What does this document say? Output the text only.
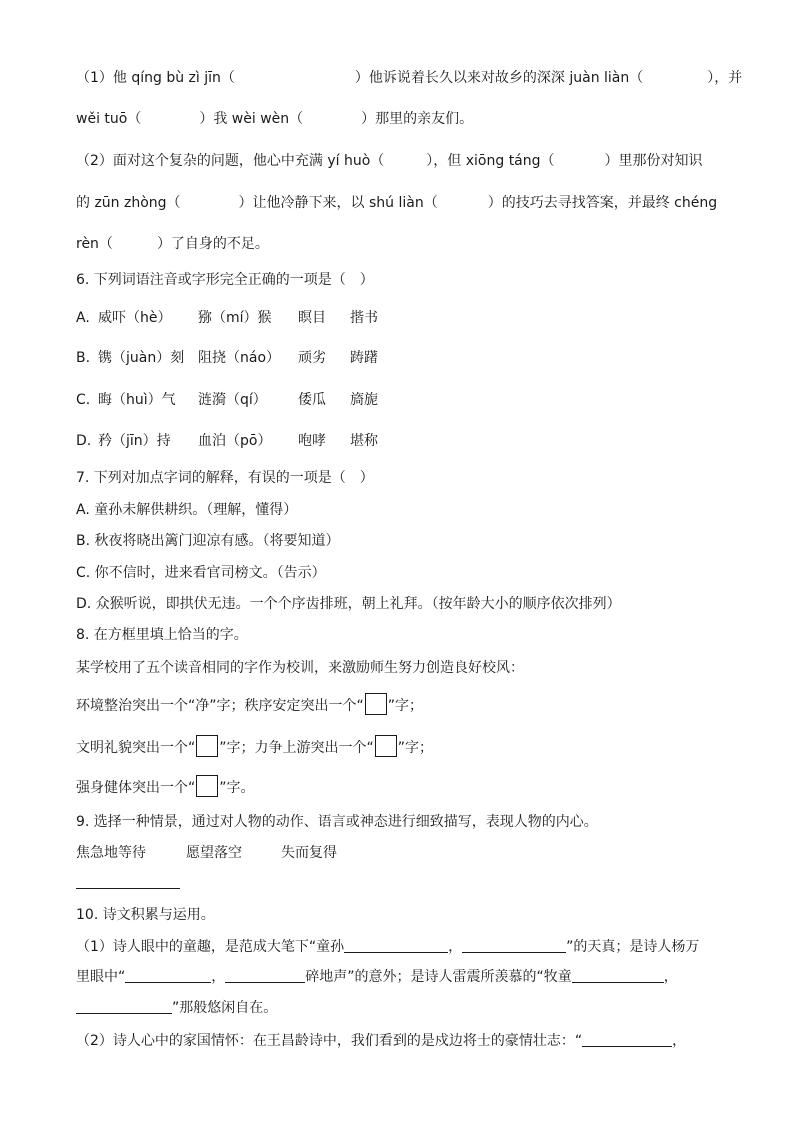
（1）他 qíng bù zì jīn（	）他诉说着长久以来对故乡的深深 juàn liàn（	），并
wěi tuō（	）我 wèi wèn（	）那里的亲友们。
（2）面对这个复杂的问题，他心中充满 yí huò（	），但 xiōng táng（	）里那份对知识
的 zūn zhòng（	）让他冷静下来，以 shú liàn（	）的技巧去寻找答案，并最终 chéng
rèn（	）了自身的不足。
6. 下列词语注音或字形完全正确的一项是（　）
A. 威吓（hè） 猕（mí）猴 瞑目 揩书
B. 镌（juàn）刻 阻挠（náo） 顽劣 踌躇
C. 晦（huì）气 涟漪（qí） 倭瓜 旖旎
D. 矜（jīn）持 血泊（pō） 咆哮 堪称
7. 下列对加点字词的解释，有误的一项是（　）
A. 童孙未解供耕织。（理解，懂得）
B. 秋夜将晓出篱门迎凉有感。（将要知道）
C. 你不信时，进来看官司榜文。（告示）
D. 众猴听说，即拱伏无违。一个个序齿排班，朝上礼拜。（按年龄大小的顺序依次排列）
8. 在方框里填上恰当的字。
某学校用了五个读音相同的字作为校训，来激励师生努力创造良好校风：
环境整治突出一个“净”字；秩序安定突出一个“ ”字；
文明礼貌突出一个“ ”字；力争上游突出一个“ ”字；
强身健体突出一个“ ”字。
9. 选择一种情景，通过对人物的动作、语言或神态进行细致描写，表现人物的内心。
焦急地等待	愿望落空	失而复得
10. 诗文积累与运用。
（1）诗人眼中的童趣，是范成大笔下“童孙	，	”的天真；是诗人杨万
里眼中“	，	碎地声”的意外；是诗人雷震所羡慕的“牧童	，
”那般悠闲自在。
（2）诗人心中的家国情怀：在王昌龄诗中，我们看到的是戍边将士的豪情壮志：“	，
